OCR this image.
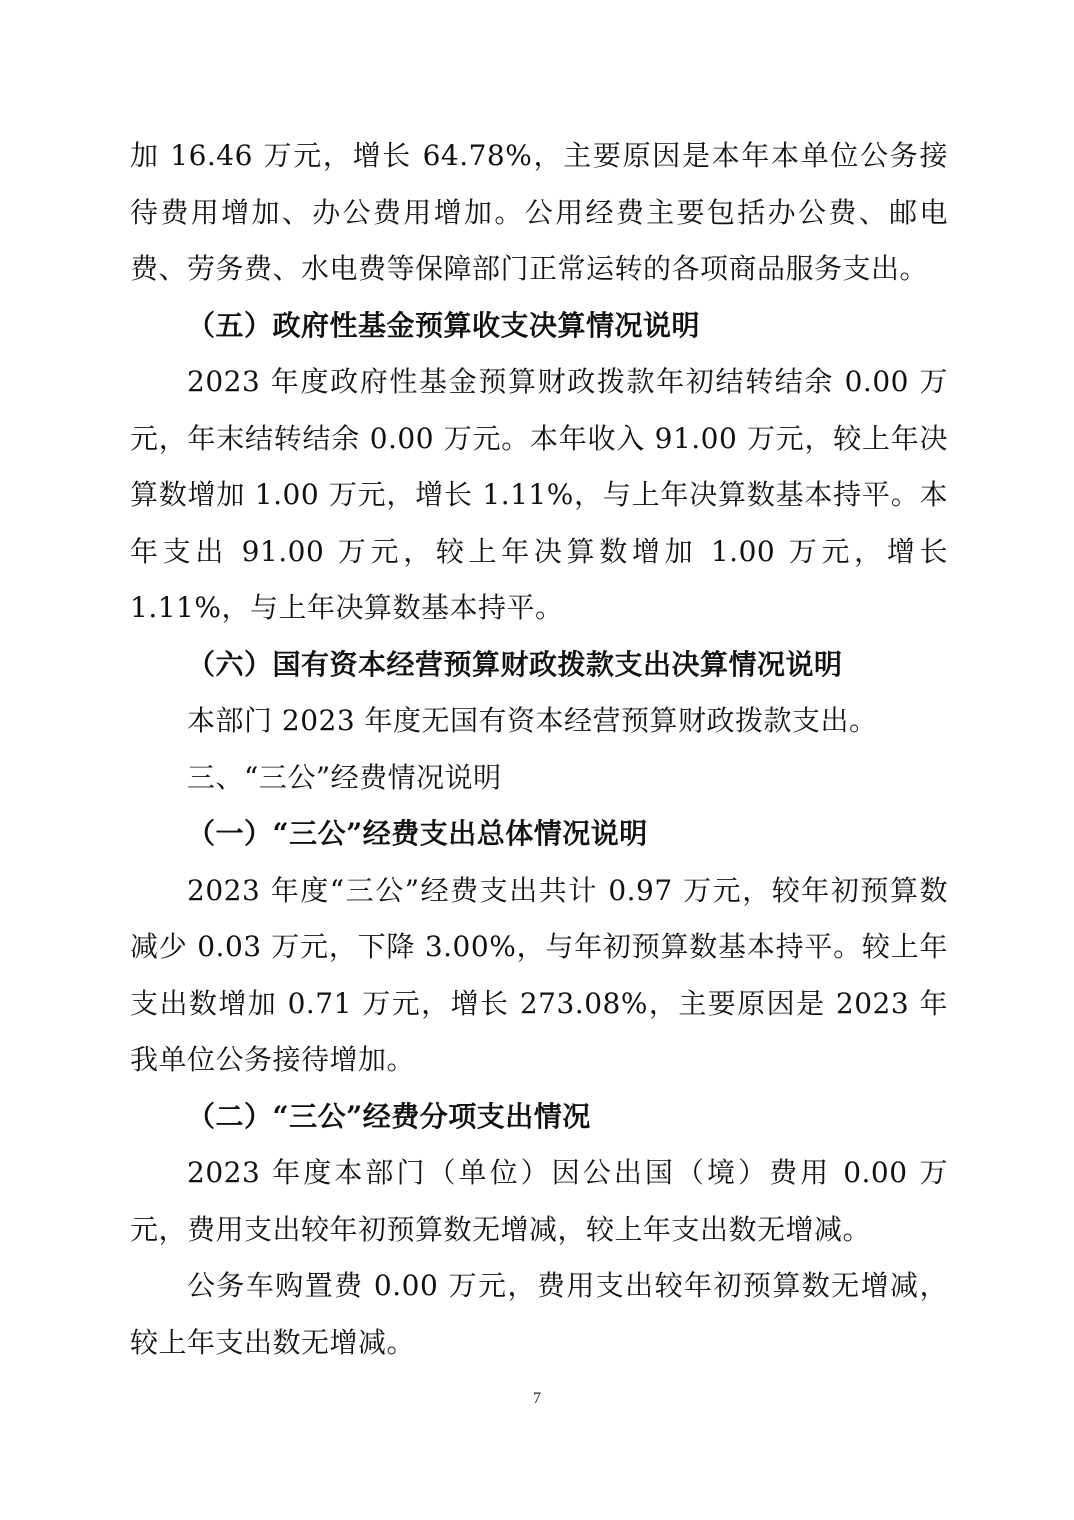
加 16.46 万元，增长 64.78%，主要原因是本年本单位公务接待费用增加、办公费用增加。公用经费主要包括办公费、邮电费、劳务费、水电费等保障部门正常运转的各项商品服务支出。

（五）政府性基金预算收支决算情况说明

2023 年度政府性基金预算财政拨款年初结转结余 0.00 万元，年末结转结余 0.00 万元。本年收入 91.00 万元，较上年决算数增加 1.00 万元，增长 1.11%，与上年决算数基本持平。本年支出 91.00 万元，较上年决算数增加 1.00 万元，增长 1.11%，与上年决算数基本持平。

（六）国有资本经营预算财政拨款支出决算情况说明

本部门 2023 年度无国有资本经营预算财政拨款支出。

三、“三公”经费情况说明

（一）“三公”经费支出总体情况说明

2023 年度“三公”经费支出共计 0.97 万元，较年初预算数减少 0.03 万元，下降 3.00%，与年初预算数基本持平。较上年支出数增加 0.71 万元，增长 273.08%，主要原因是 2023 年我单位公务接待增加。

（二）“三公”经费分项支出情况

2023 年度本部门（单位）因公出国（境）费用 0.00 万元，费用支出较年初预算数无增减，较上年支出数无增减。

公务车购置费 0.00 万元，费用支出较年初预算数无增减，较上年支出数无增减。

7
